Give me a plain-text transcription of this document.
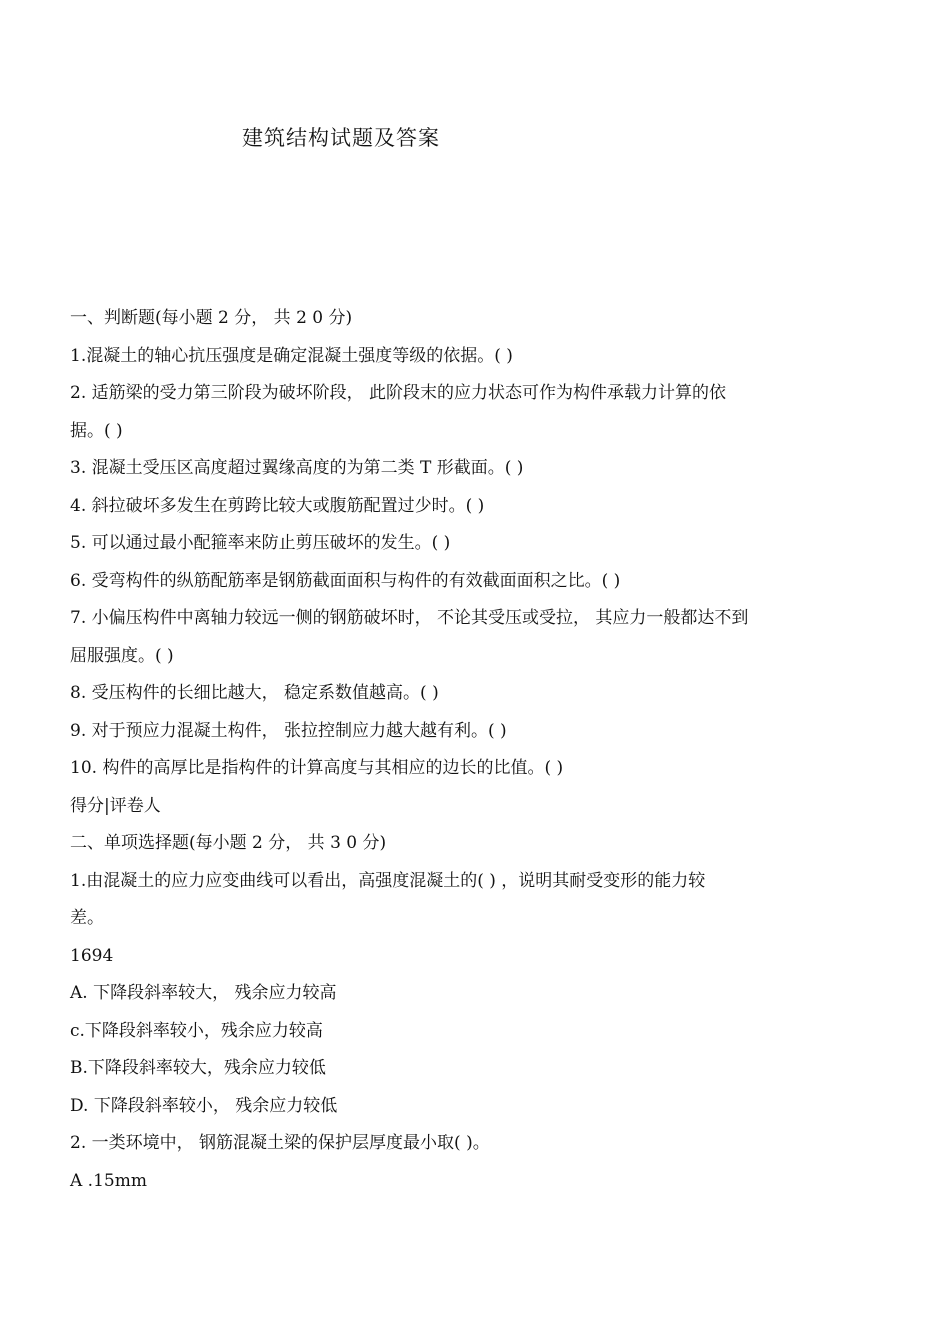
建筑结构试题及答案
一、判断题(每小题 2 分， 共 2 0 分)
1.混凝土的轴心抗压强度是确定混凝土强度等级的依据。( )
2. 适筋梁的受力第三阶段为破坏阶段， 此阶段末的应力状态可作为构件承载力计算的依
据。( )
3. 混凝土受压区高度超过翼缘高度的为第二类 T 形截面。( )
4. 斜拉破坏多发生在剪跨比较大或腹筋配置过少时。( )
5. 可以通过最小配箍率来防止剪压破坏的发生。( )
6. 受弯构件的纵筋配筋率是钢筋截面面积与构件的有效截面面积之比。( )
7. 小偏压构件中离轴力较远一侧的钢筋破坏时， 不论其受压或受拉， 其应力一般都达不到
屈服强度。( )
8. 受压构件的长细比越大， 稳定系数值越高。( )
9. 对于预应力混凝土构件， 张拉控制应力越大越有利。( )
10. 构件的高厚比是指构件的计算高度与其相应的边长的比值。( )
得分|评卷人
二、单项选择题(每小题 2 分， 共 3 0 分)
1.由混凝土的应力应变曲线可以看出，高强度混凝土的( ) ，说明其耐受变形的能力较
差。
1694
A. 下降段斜率较大， 残余应力较高
c.下降段斜率较小，残余应力较高
B.下降段斜率较大，残余应力较低
D. 下降段斜率较小， 残余应力较低
2. 一类环境中， 钢筋混凝土梁的保护层厚度最小取( )。
A .15mm
